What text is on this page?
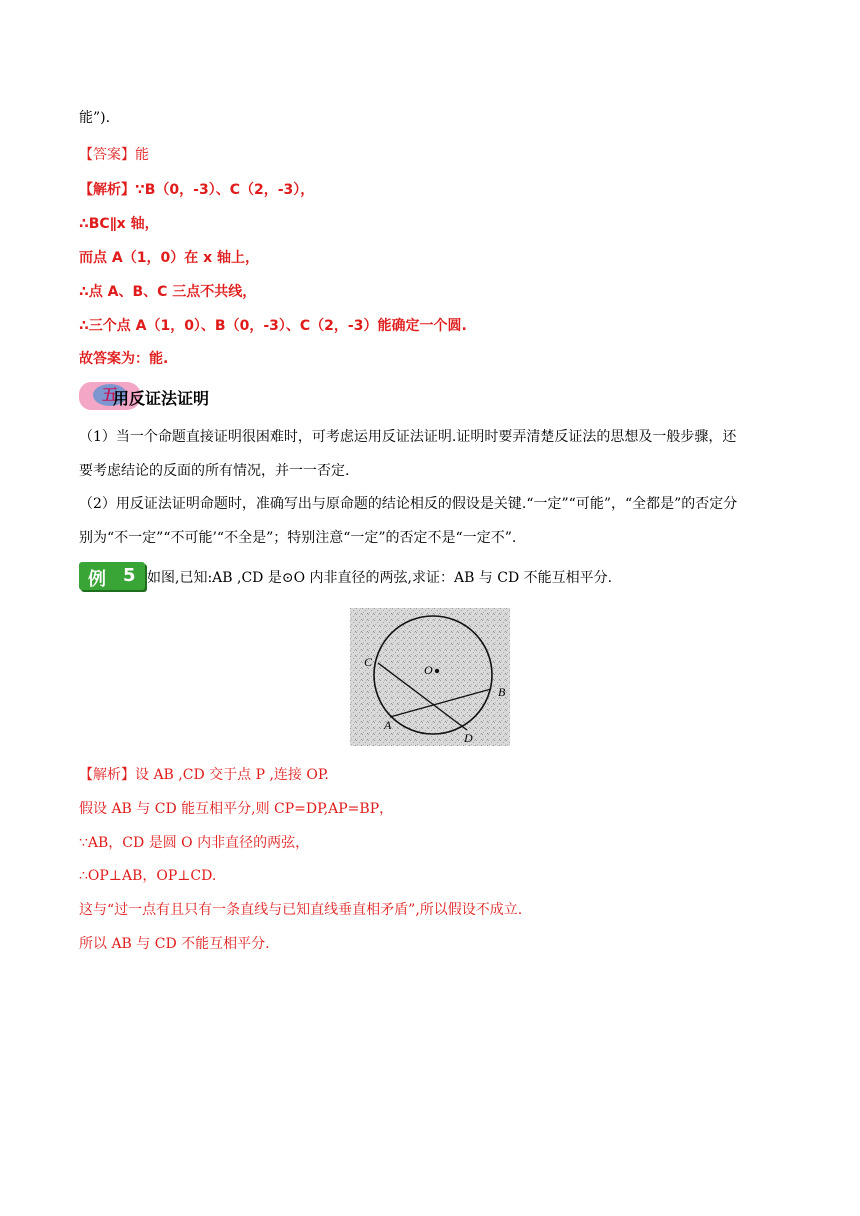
能”).
【答案】能
【解析】∵B（0，-3）、C（2，-3），
∴BC∥x 轴，
而点 A（1，0）在 x 轴上，
∴点 A、B、C 三点不共线，
∴三个点 A（1，0）、B（0，-3）、C（2，-3）能确定一个圆.
故答案为：能.
五
用反证法证明
（1）当一个命题直接证明很困难时，可考虑运用反证法证明.证明时要弄清楚反证法的思想及一般步骤，还
要考虑结论的反面的所有情况，并一一否定.
（2）用反证法证明命题时，准确写出与原命题的结论相反的假设是关键.“一定”“可能”，“全都是”的否定分
别为“不一定”“不可能’“不全是”；特别注意“一定”的否定不是“一定不”.
例 5 如图,已知:AB ,CD 是⊙O 内非直径的两弦,求证：AB 与 CD 不能互相平分.
C
O
B
A
D
【解析】设 AB ,CD 交于点 P ,连接 OP.
假设 AB 与 CD 能互相平分,则 CP=DP,AP=BP，
∵AB，CD 是圆 O 内非直径的两弦，
∴OP⊥AB，OP⊥CD.
这与“过一点有且只有一条直线与已知直线垂直相矛盾”,所以假设不成立.
所以 AB 与 CD 不能互相平分.
